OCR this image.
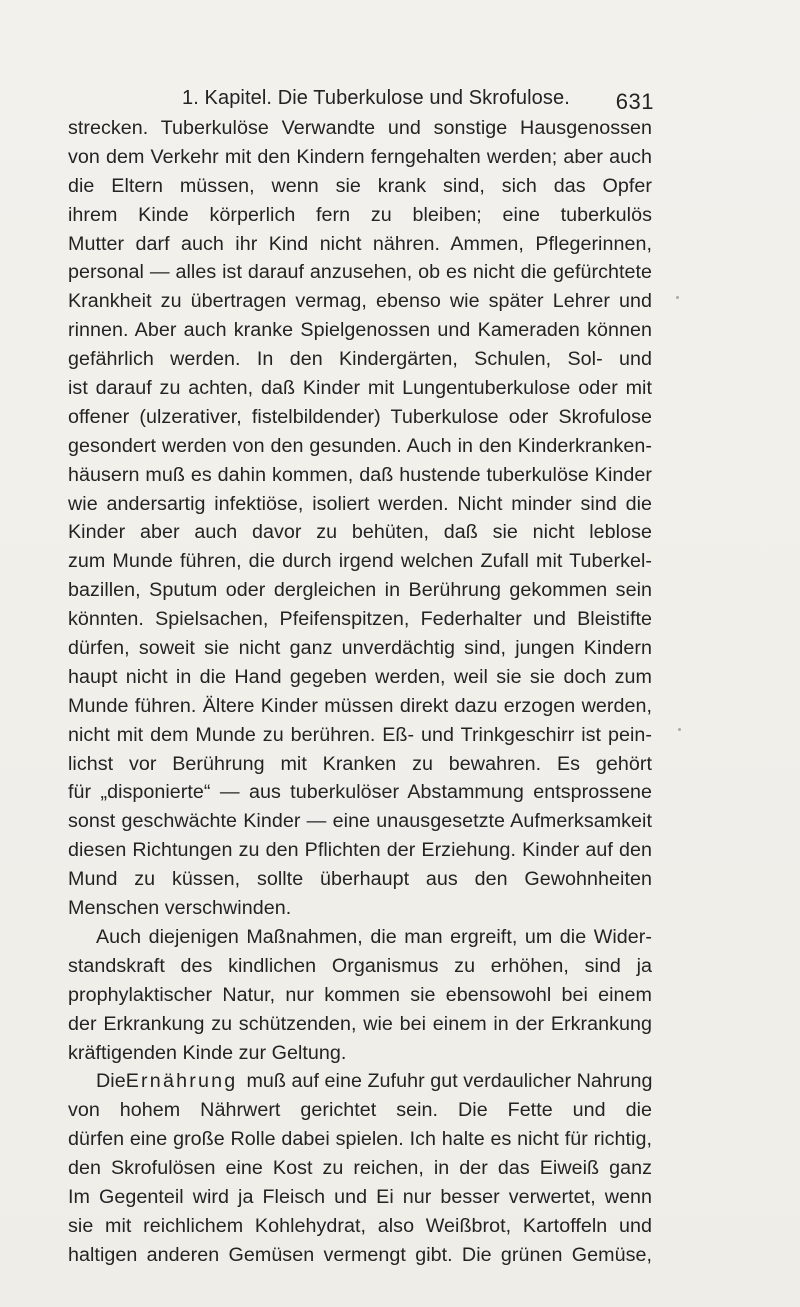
1. Kapitel. Die Tuberkulose und Skrofulose. 631
strecken. Tuberkulöse Verwandte und sonstige Hausgenossen
von dem Verkehr mit den Kindern ferngehalten werden; aber auch
die Eltern müssen, wenn sie krank sind, sich das Opfer
ihrem Kinde körperlich fern zu bleiben; eine tuberkulös
Mutter darf auch ihr Kind nicht nähren. Ammen, Pflegerinnen,
personal — alles ist darauf anzusehen, ob es nicht die gefürchtete
Krankheit zu übertragen vermag, ebenso wie später Lehrer und
rinnen. Aber auch kranke Spielgenossen und Kameraden können
gefährlich werden. In den Kindergärten, Schulen, Sol- und
ist darauf zu achten, daß Kinder mit Lungentuberkulose oder mit
offener (ulzerativer, fistelbildender) Tuberkulose oder Skrofulose
gesondert werden von den gesunden. Auch in den Kinderkranken-
häusern muß es dahin kommen, daß hustende tuberkulöse Kinder
wie andersartig infektiöse, isoliert werden. Nicht minder sind die
Kinder aber auch davor zu behüten, daß sie nicht leblose
zum Munde führen, die durch irgend welchen Zufall mit Tuberkel-
bazillen, Sputum oder dergleichen in Berührung gekommen sein
könnten. Spielsachen, Pfeifenspitzen, Federhalter und Bleistifte
dürfen, soweit sie nicht ganz unverdächtig sind, jungen Kindern
haupt nicht in die Hand gegeben werden, weil sie sie doch zum
Munde führen. Ältere Kinder müssen direkt dazu erzogen werden,
nicht mit dem Munde zu berühren. Eß- und Trinkgeschirr ist pein-
lichst vor Berührung mit Kranken zu bewahren. Es gehört
für „disponierte“ — aus tuberkulöser Abstammung entsprossene
sonst geschwächte Kinder — eine unausgesetzte Aufmerksamkeit
diesen Richtungen zu den Pflichten der Erziehung. Kinder auf den
Mund zu küssen, sollte überhaupt aus den Gewohnheiten
Menschen verschwinden.
Auch diejenigen Maßnahmen, die man ergreift, um die Wider-
standskraft des kindlichen Organismus zu erhöhen, sind ja
prophylaktischer Natur, nur kommen sie ebensowohl bei einem
der Erkrankung zu schützenden, wie bei einem in der Erkrankung
kräftigenden Kinde zur Geltung.
Die Ernährung muß auf eine Zufuhr gut verdaulicher Nahrung
von hohem Nährwert gerichtet sein. Die Fette und die
dürfen eine große Rolle dabei spielen. Ich halte es nicht für richtig,
den Skrofulösen eine Kost zu reichen, in der das Eiweiß ganz
Im Gegenteil wird ja Fleisch und Ei nur besser verwertet, wenn
sie mit reichlichem Kohlehydrat, also Weißbrot, Kartoffeln und
haltigen anderen Gemüsen vermengt gibt. Die grünen Gemüse,
